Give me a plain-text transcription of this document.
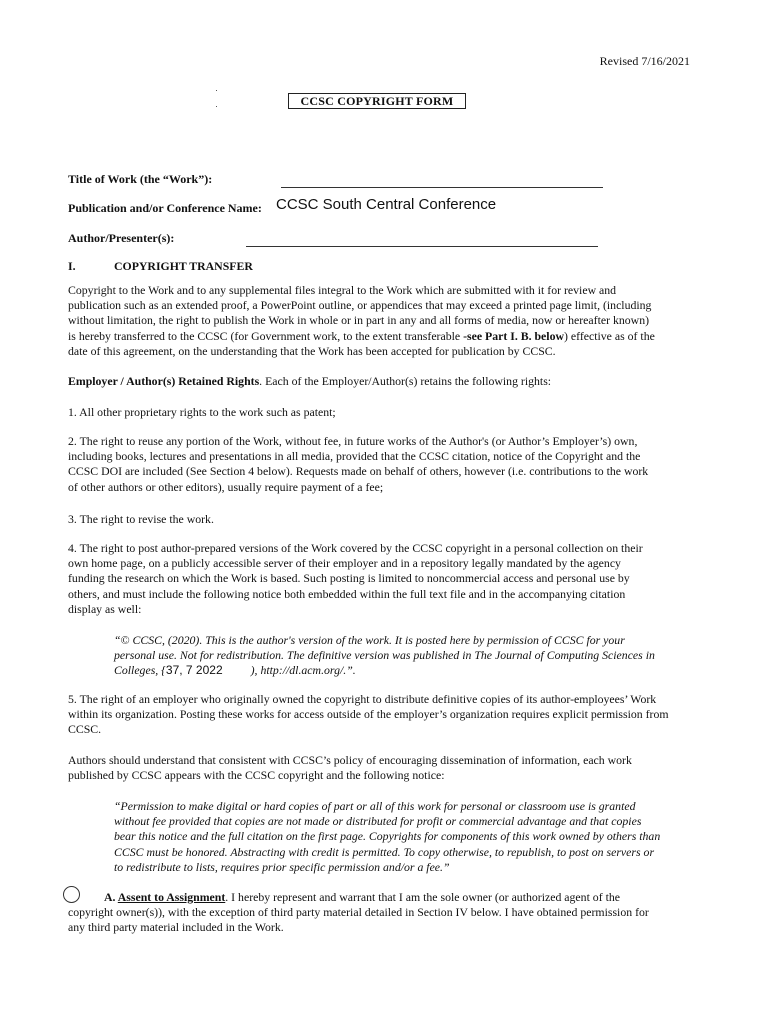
Revised 7/16/2021
CCSC COPYRIGHT FORM
Title of Work (the “Work”):
Publication and/or Conference Name: CCSC South Central Conference
Author/Presenter(s):
I.	COPYRIGHT TRANSFER
Copyright to the Work and to any supplemental files integral to the Work which are submitted with it for review and
publication such as an extended proof, a PowerPoint outline, or appendices that may exceed a printed page limit, (including
without limitation, the right to publish the Work in whole or in part in any and all forms of media, now or hereafter known)
is hereby transferred to the CCSC (for Government work, to the extent transferable -see Part I. B. below) effective as of the
date of this agreement, on the understanding that the Work has been accepted for publication by CCSC.
Employer / Author(s) Retained Rights. Each of the Employer/Author(s) retains the following rights:
1. All other proprietary rights to the work such as patent;
2. The right to reuse any portion of the Work, without fee, in future works of the Author's (or Author’s Employer’s) own,
including books, lectures and presentations in all media, provided that the CCSC citation, notice of the Copyright and the
CCSC DOI are included (See Section 4 below). Requests made on behalf of others, however (i.e. contributions to the work
of other authors or other editors), usually require payment of a fee;
3. The right to revise the work.
4. The right to post author-prepared versions of the Work covered by the CCSC copyright in a personal collection on their
own home page, on a publicly accessible server of their employer and in a repository legally mandated by the agency
funding the research on which the Work is based. Such posting is limited to noncommercial access and personal use by
others, and must include the following notice both embedded within the full text file and in the accompanying citation
display as well:
“© CCSC, (2020). This is the author's version of the work. It is posted here by permission of CCSC for your
personal use. Not for redistribution. The definitive version was published in The Journal of Computing Sciences in
Colleges, {37, 7 2022 ), http://dl.acm.org/.”.
5. The right of an employer who originally owned the copyright to distribute definitive copies of its author-employees’ Work
within its organization. Posting these works for access outside of the employer’s organization requires explicit permission from
CCSC.
Authors should understand that consistent with CCSC’s policy of encouraging dissemination of information, each work
published by CCSC appears with the CCSC copyright and the following notice:
“Permission to make digital or hard copies of part or all of this work for personal or classroom use is granted
without fee provided that copies are not made or distributed for profit or commercial advantage and that copies
bear this notice and the full citation on the first page. Copyrights for components of this work owned by others than
CCSC must be honored. Abstracting with credit is permitted. To copy otherwise, to republish, to post on servers or
to redistribute to lists, requires prior specific permission and/or a fee.”
A. Assent to Assignment. I hereby represent and warrant that I am the sole owner (or authorized agent of the
copyright owner(s)), with the exception of third party material detailed in Section IV below. I have obtained permission for
any third party material included in the Work.
